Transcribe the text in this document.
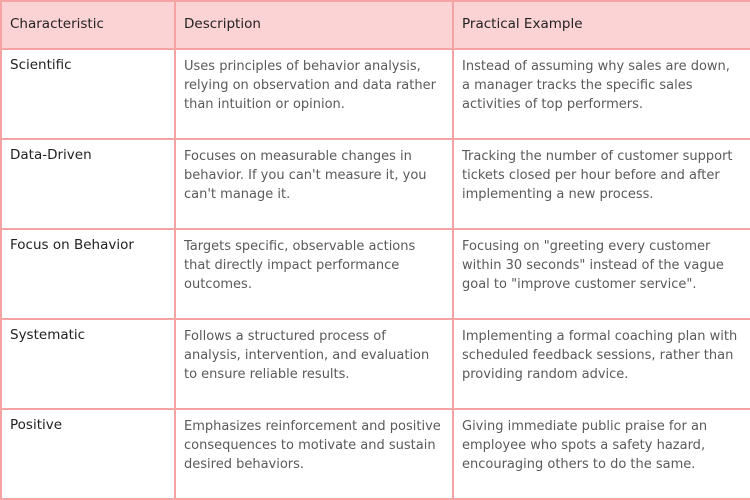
Characteristic	Description	Practical Example
Scientific	Uses principles of behavior analysis, relying on observation and data rather than intuition or opinion.	Instead of assuming why sales are down, a manager tracks the specific sales activities of top performers.
Data-Driven	Focuses on measurable changes in behavior. If you can't measure it, you can't manage it.	Tracking the number of customer support tickets closed per hour before and after implementing a new process.
Focus on Behavior	Targets specific, observable actions that directly impact performance outcomes.	Focusing on "greeting every customer within 30 seconds" instead of the vague goal to "improve customer service".
Systematic	Follows a structured process of analysis, intervention, and evaluation to ensure reliable results.	Implementing a formal coaching plan with scheduled feedback sessions, rather than providing random advice.
Positive	Emphasizes reinforcement and positive consequences to motivate and sustain desired behaviors.	Giving immediate public praise for an employee who spots a safety hazard, encouraging others to do the same.
